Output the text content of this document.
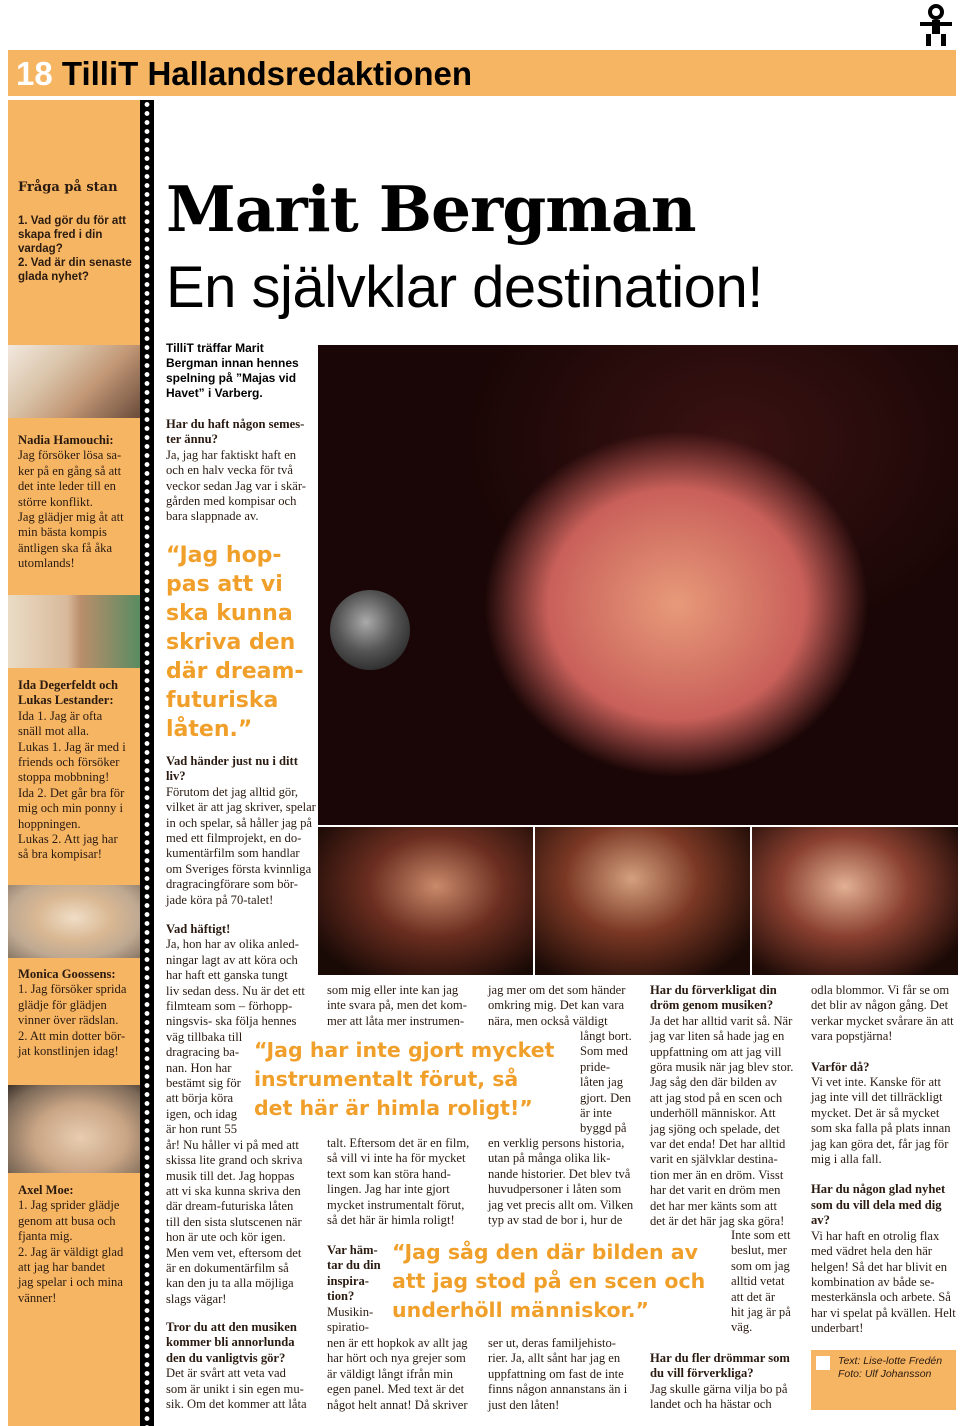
18 TilliT Hallandsredaktionen
Fråga på stan
1. Vad gör du för att skapa fred i din vardag?
2. Vad är din senaste glada nyhet?
Nadia Hamouchi:
Jag försöker lösa sa-
ker på en gång så att
det inte leder till en
större konflikt.
Jag glädjer mig åt att
min bästa kompis
äntligen ska få åka
utomlands!
Ida Degerfeldt och Lukas Lestander:
Ida 1. Jag är ofta
snäll mot alla.
Lukas 1. Jag är med i
friends och försöker
stoppa mobbning!
Ida 2. Det går bra för
mig och min ponny i
hoppningen.
Lukas 2. Att jag har
så bra kompisar!
Monica Goossens:
1. Jag försöker sprida
glädje för glädjen
vinner över rädslan.
2. Att min dotter bör-
jat konstlinjen idag!
Axel Moe:
1. Jag sprider glädje
genom att busa och
fjanta mig.
2. Jag är väldigt glad
att jag har bandet
jag spelar i och mina
vänner!
Marit Bergman
En självklar destination!
TilliT träffar Marit Bergman innan hennes spelning på ”Majas vid Havet” i Varberg.
Har du haft någon semes-
ter ännu?
Ja, jag har faktiskt haft en
och en halv vecka för två
veckor sedan Jag var i skär-
gården med kompisar och
bara slappnade av.
“Jag hop-
pas att vi
ska kunna
skriva den
där dream-
futuriska
låten.”
Vad händer just nu i ditt
liv?
Förutom det jag alltid gör,
vilket är att jag skriver, spelar
in och spelar, så håller jag på
med ett filmprojekt, en do-
kumentärfilm som handlar
om Sveriges första kvinnliga
dragracingförare som bör-
jade köra på 70-talet!
Vad häftigt!
Ja, hon har av olika anled-
ningar lagt av att köra och
har haft ett ganska tungt
liv sedan dess. Nu är det ett
filmteam som – förhopp-
ningsvis- ska följa hennes
väg tillbaka till
dragracing ba-
nan. Hon har
bestämt sig för
att börja köra
igen, och idag
är hon runt 55
år! Nu håller vi på med att
skissa lite grand och skriva
musik till det. Jag hoppas
att vi ska kunna skriva den
där dream-futuriska låten
till den sista slutscenen när
hon är ute och kör igen.
Men vem vet, eftersom det
är en dokumentärfilm så
kan den ju ta alla möjliga
slags vägar!
Tror du att den musiken
kommer bli annorlunda
den du vanligtvis gör?
Det är svårt att veta vad
som är unikt i sin egen mu-
sik. Om det kommer att låta
som mig eller inte kan jag
inte svara på, men det kom-
mer att låta mer instrumen-
“Jag har inte gjort mycket
instrumentalt förut, så
det här är himla roligt!”
talt. Eftersom det är en film,
så vill vi inte ha för mycket
text som kan störa hand-
lingen. Jag har inte gjort
mycket instrumentalt förut,
så det här är himla roligt!
Var häm-
tar du din
inspira-
tion?
Musikin-
spiratio-
nen är ett hopkok av allt jag
har hört och nya grejer som
är väldigt långt ifrån min
egen panel. Med text är det
något helt annat! Då skriver
jag mer om det som händer
omkring mig. Det kan vara
nära, men också väldigt
långt bort.
Som med
pride-
låten jag
gjort. Den
är inte
byggd på
en verklig persons historia,
utan på många olika lik-
nande historier. Det blev två
huvudpersoner i låten som
jag vet precis allt om. Vilken
typ av stad de bor i, hur de
“Jag såg den där bilden av
att jag stod på en scen och
underhöll människor.”
ser ut, deras familjehisto-
rier. Ja, allt sånt har jag en
uppfattning om fast de inte
finns någon annanstans än i
just den låten!
Har du förverkligat din
dröm genom musiken?
Ja det har alltid varit så. När
jag var liten så hade jag en
uppfattning om att jag vill
göra musik när jag blev stor.
Jag såg den där bilden av
att jag stod på en scen och
underhöll människor. Att
jag sjöng och spelade, det
var det enda! Det har alltid
varit en självklar destina-
tion mer än en dröm. Visst
har det varit en dröm men
det har mer känts som att
det är det här jag ska göra!
Inte som ett
beslut, mer
som om jag
alltid vetat
att det är
hit jag är på
väg.
Har du fler drömmar som
du vill förverkliga?
Jag skulle gärna vilja bo på
landet och ha hästar och
odla blommor. Vi får se om
det blir av någon gång. Det
verkar mycket svårare än att
vara popstjärna!
Varför då?
Vi vet inte. Kanske för att
jag inte vill det tillräckligt
mycket. Det är så mycket
som ska falla på plats innan
jag kan göra det, får jag för
mig i alla fall.
Har du någon glad nyhet
som du vill dela med dig
av?
Vi har haft en otrolig flax
med vädret hela den här
helgen! Så det har blivit en
kombination av både se-
mesterkänsla och arbete. Så
har vi spelat på kvällen. Helt
underbart!
Text: Lise-lotte Fredén
Foto: Ulf Johansson
